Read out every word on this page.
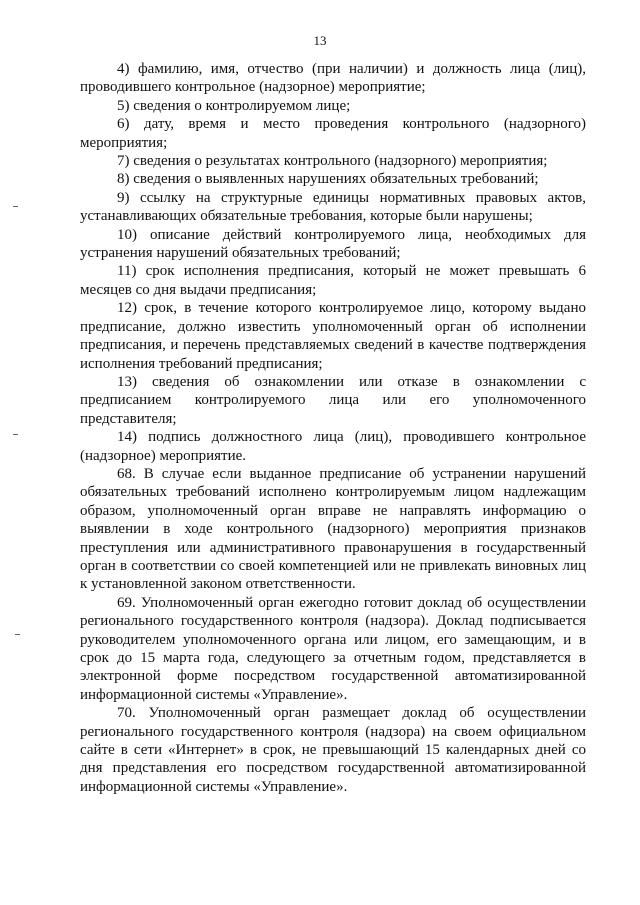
13

4) фамилию, имя, отчество (при наличии) и должность лица (лиц), проводившего контрольное (надзорное) мероприятие;

5) сведения о контролируемом лице;

6) дату, время и место проведения контрольного (надзорного) мероприятия;

7) сведения о результатах контрольного (надзорного) мероприятия;

8) сведения о выявленных нарушениях обязательных требований;

9) ссылку на структурные единицы нормативных правовых актов, устанавливающих обязательные требования, которые были нарушены;

10) описание действий контролируемого лица, необходимых для устранения нарушений обязательных требований;

11) срок исполнения предписания, который не может превышать 6 месяцев со дня выдачи предписания;

12) срок, в течение которого контролируемое лицо, которому выдано предписание, должно известить уполномоченный орган об исполнении предписания, и перечень представляемых сведений в качестве подтверждения исполнения требований предписания;

13) сведения об ознакомлении или отказе в ознакомлении с предписанием контролируемого лица или его уполномоченного представителя;

14) подпись должностного лица (лиц), проводившего контрольное (надзорное) мероприятие.

68. В случае если выданное предписание об устранении нарушений обязательных требований исполнено контролируемым лицом надлежащим образом, уполномоченный орган вправе не направлять информацию о выявлении в ходе контрольного (надзорного) мероприятия признаков преступления или административного правонарушения в государственный орган в соответствии со своей компетенцией или не привлекать виновных лиц к установленной законом ответственности.

69. Уполномоченный орган ежегодно готовит доклад об осуществлении регионального государственного контроля (надзора). Доклад подписывается руководителем уполномоченного органа или лицом, его замещающим, и в срок до 15 марта года, следующего за отчетным годом, представляется в электронной форме посредством государственной автоматизированной информационной системы «Управление».

70. Уполномоченный орган размещает доклад об осуществлении регионального государственного контроля (надзора) на своем официальном сайте в сети «Интернет» в срок, не превышающий 15 календарных дней со дня представления его посредством государственной автоматизированной информационной системы «Управление».
